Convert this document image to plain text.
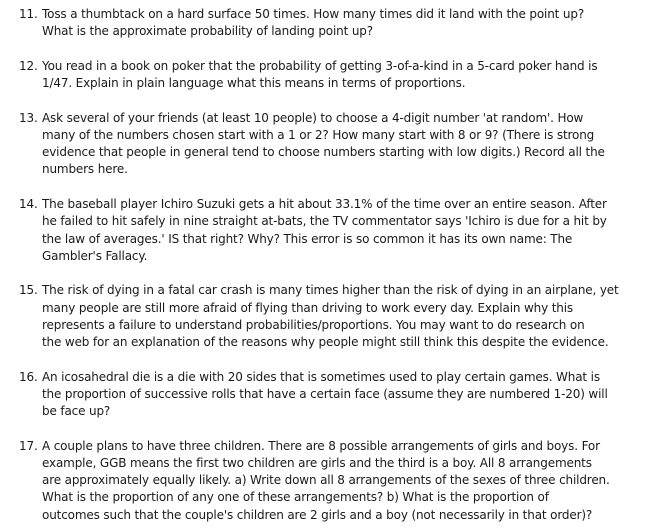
11. Toss a thumbtack on a hard surface 50 times. How many times did it land with the point up?
What is the approximate probability of landing point up?
12. You read in a book on poker that the probability of getting 3-of-a-kind in a 5-card poker hand is
1/47. Explain in plain language what this means in terms of proportions.
13. Ask several of your friends (at least 10 people) to choose a 4-digit number 'at random'. How
many of the numbers chosen start with a 1 or 2? How many start with 8 or 9? (There is strong
evidence that people in general tend to choose numbers starting with low digits.) Record all the
numbers here.
14. The baseball player Ichiro Suzuki gets a hit about 33.1% of the time over an entire season. After
he failed to hit safely in nine straight at-bats, the TV commentator says 'Ichiro is due for a hit by
the law of averages.' IS that right? Why? This error is so common it has its own name: The
Gambler's Fallacy.
15. The risk of dying in a fatal car crash is many times higher than the risk of dying in an airplane, yet
many people are still more afraid of flying than driving to work every day. Explain why this
represents a failure to understand probabilities/proportions. You may want to do research on
the web for an explanation of the reasons why people might still think this despite the evidence.
16. An icosahedral die is a die with 20 sides that is sometimes used to play certain games. What is
the proportion of successive rolls that have a certain face (assume they are numbered 1-20) will
be face up?
17. A couple plans to have three children. There are 8 possible arrangements of girls and boys. For
example, GGB means the first two children are girls and the third is a boy. All 8 arrangements
are approximately equally likely. a) Write down all 8 arrangements of the sexes of three children.
What is the proportion of any one of these arrangements? b) What is the proportion of
outcomes such that the couple's children are 2 girls and a boy (not necessarily in that order)?
